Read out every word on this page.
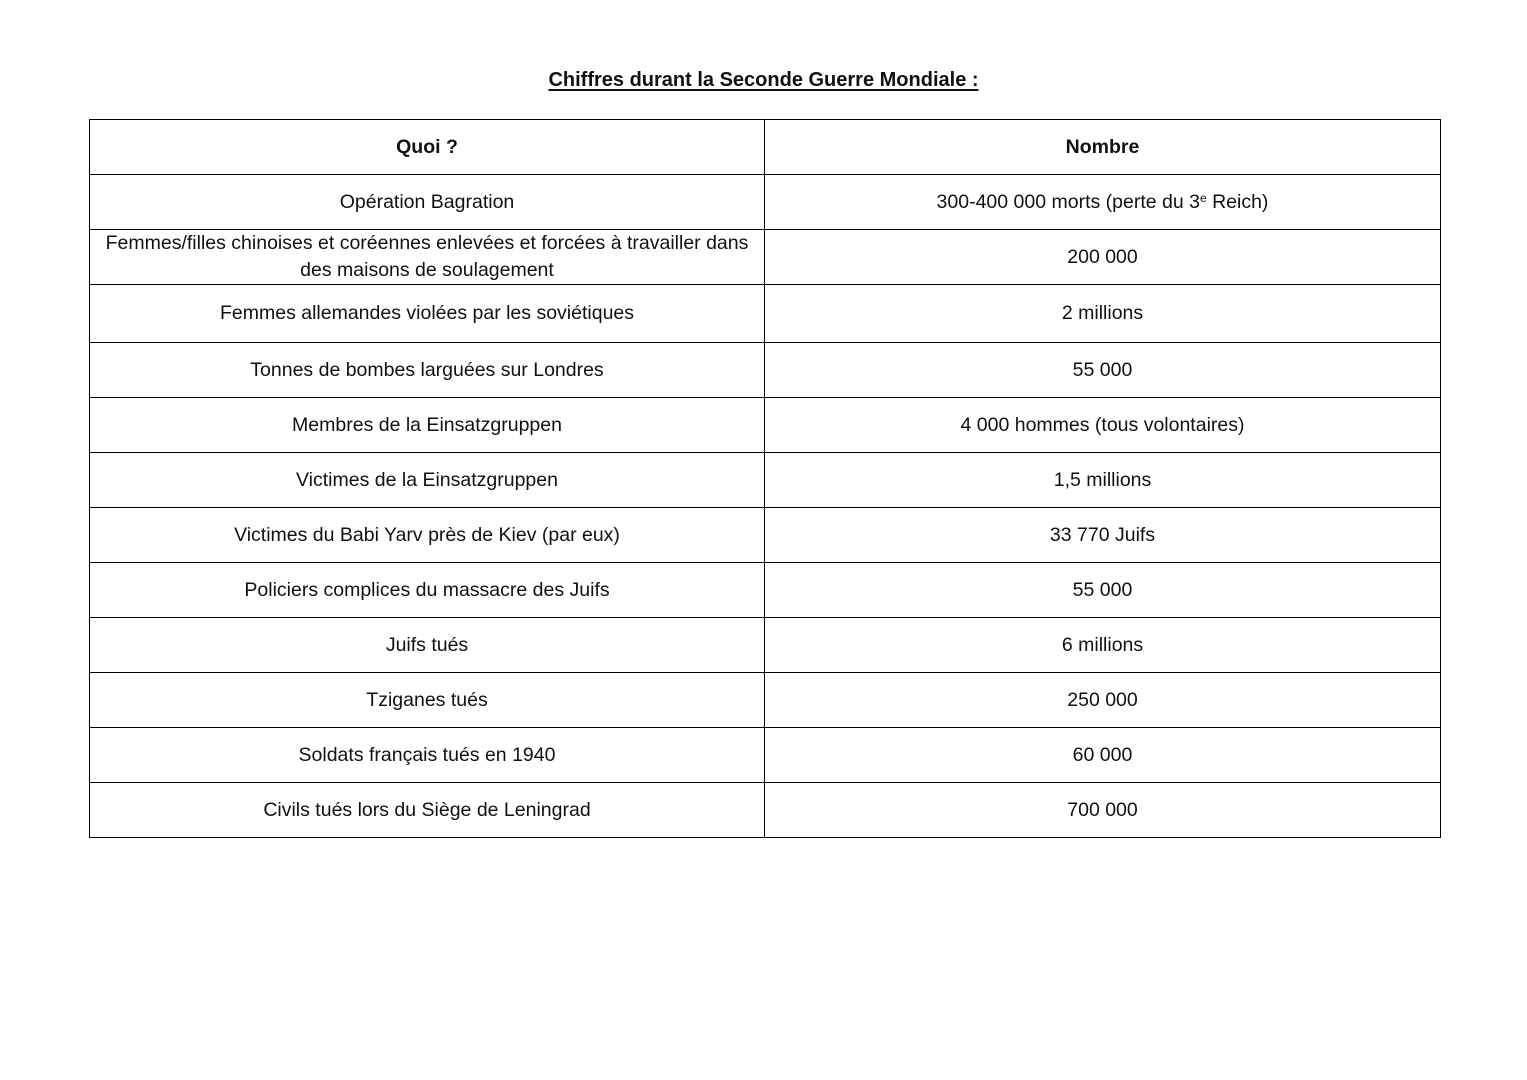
Chiffres durant la Seconde Guerre Mondiale :
Quoi ?	Nombre
Opération Bagration	300-400 000 morts (perte du 3e Reich)
Femmes/filles chinoises et coréennes enlevées et forcées à travailler dans des maisons de soulagement	200 000
Femmes allemandes violées par les soviétiques	2 millions
Tonnes de bombes larguées sur Londres	55 000
Membres de la Einsatzgruppen	4 000 hommes (tous volontaires)
Victimes de la Einsatzgruppen	1,5 millions
Victimes du Babi Yarv près de Kiev (par eux)	33 770 Juifs
Policiers complices du massacre des Juifs	55 000
Juifs tués	6 millions
Tziganes tués	250 000
Soldats français tués en 1940	60 000
Civils tués lors du Siège de Leningrad	700 000
